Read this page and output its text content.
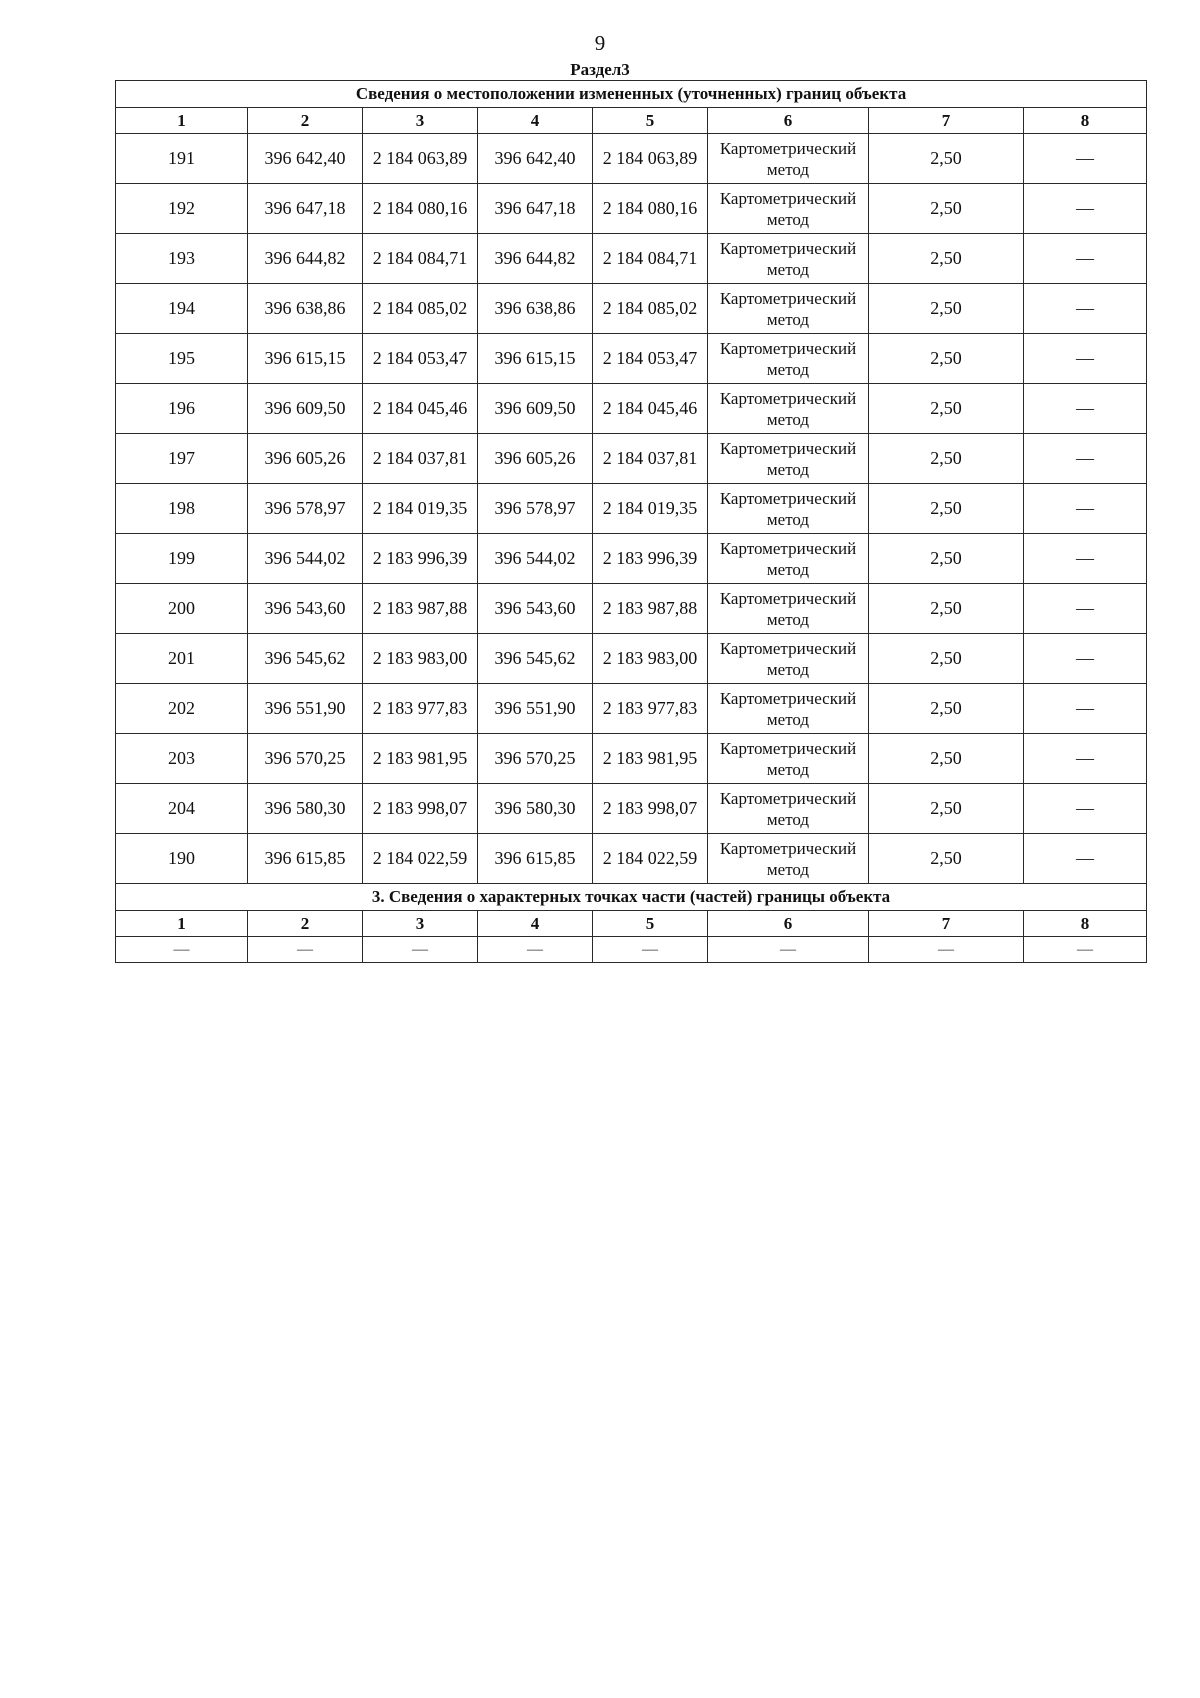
9
Раздел3
Сведения о местоположении измененных (уточненных) границ объекта							
1	2	3	4	5	6	7	8
191	396 642,40	2 184 063,89	396 642,40	2 184 063,89	Картометрический метод	2,50	—
192	396 647,18	2 184 080,16	396 647,18	2 184 080,16	Картометрический метод	2,50	—
193	396 644,82	2 184 084,71	396 644,82	2 184 084,71	Картометрический метод	2,50	—
194	396 638,86	2 184 085,02	396 638,86	2 184 085,02	Картометрический метод	2,50	—
195	396 615,15	2 184 053,47	396 615,15	2 184 053,47	Картометрический метод	2,50	—
196	396 609,50	2 184 045,46	396 609,50	2 184 045,46	Картометрический метод	2,50	—
197	396 605,26	2 184 037,81	396 605,26	2 184 037,81	Картометрический метод	2,50	—
198	396 578,97	2 184 019,35	396 578,97	2 184 019,35	Картометрический метод	2,50	—
199	396 544,02	2 183 996,39	396 544,02	2 183 996,39	Картометрический метод	2,50	—
200	396 543,60	2 183 987,88	396 543,60	2 183 987,88	Картометрический метод	2,50	—
201	396 545,62	2 183 983,00	396 545,62	2 183 983,00	Картометрический метод	2,50	—
202	396 551,90	2 183 977,83	396 551,90	2 183 977,83	Картометрический метод	2,50	—
203	396 570,25	2 183 981,95	396 570,25	2 183 981,95	Картометрический метод	2,50	—
204	396 580,30	2 183 998,07	396 580,30	2 183 998,07	Картометрический метод	2,50	—
190	396 615,85	2 184 022,59	396 615,85	2 184 022,59	Картометрический метод	2,50	—
3. Сведения о характерных точках части (частей) границы объекта							
1	2	3	4	5	6	7	8
—	—	—	—	—	—	—	—
